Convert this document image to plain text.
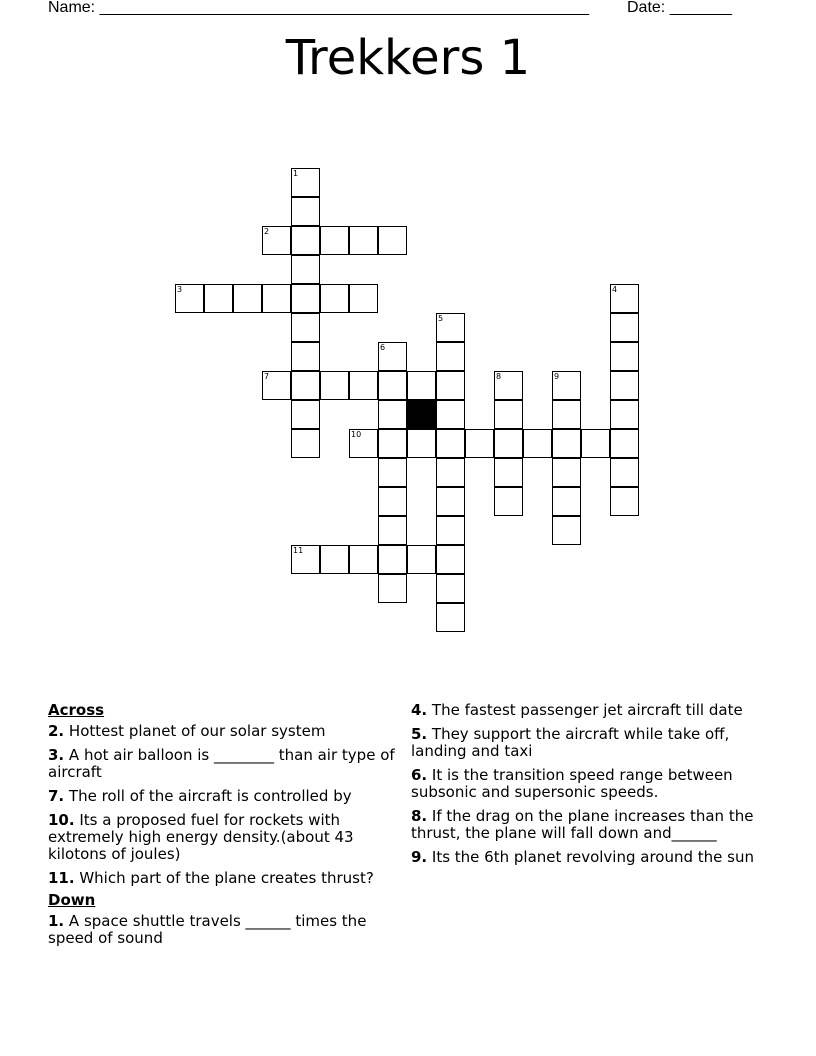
Name: _______________________________________________________ Date: _______
Trekkers 1
1
2
3	4
5
6
7	8	9
10
11
Across
2. Hottest planet of our solar system
3. A hot air balloon is ________ than air type of aircraft
7. The roll of the aircraft is controlled by
10. Its a proposed fuel for rockets with extremely high energy density.(about 43 kilotons of joules)
11. Which part of the plane creates thrust?
Down
1. A space shuttle travels ______ times the speed of sound
4. The fastest passenger jet aircraft till date
5. They support the aircraft while take off, landing and taxi
6. It is the transition speed range between subsonic and supersonic speeds.
8. If the drag on the plane increases than the thrust, the plane will fall down and______
9. Its the 6th planet revolving around the sun
